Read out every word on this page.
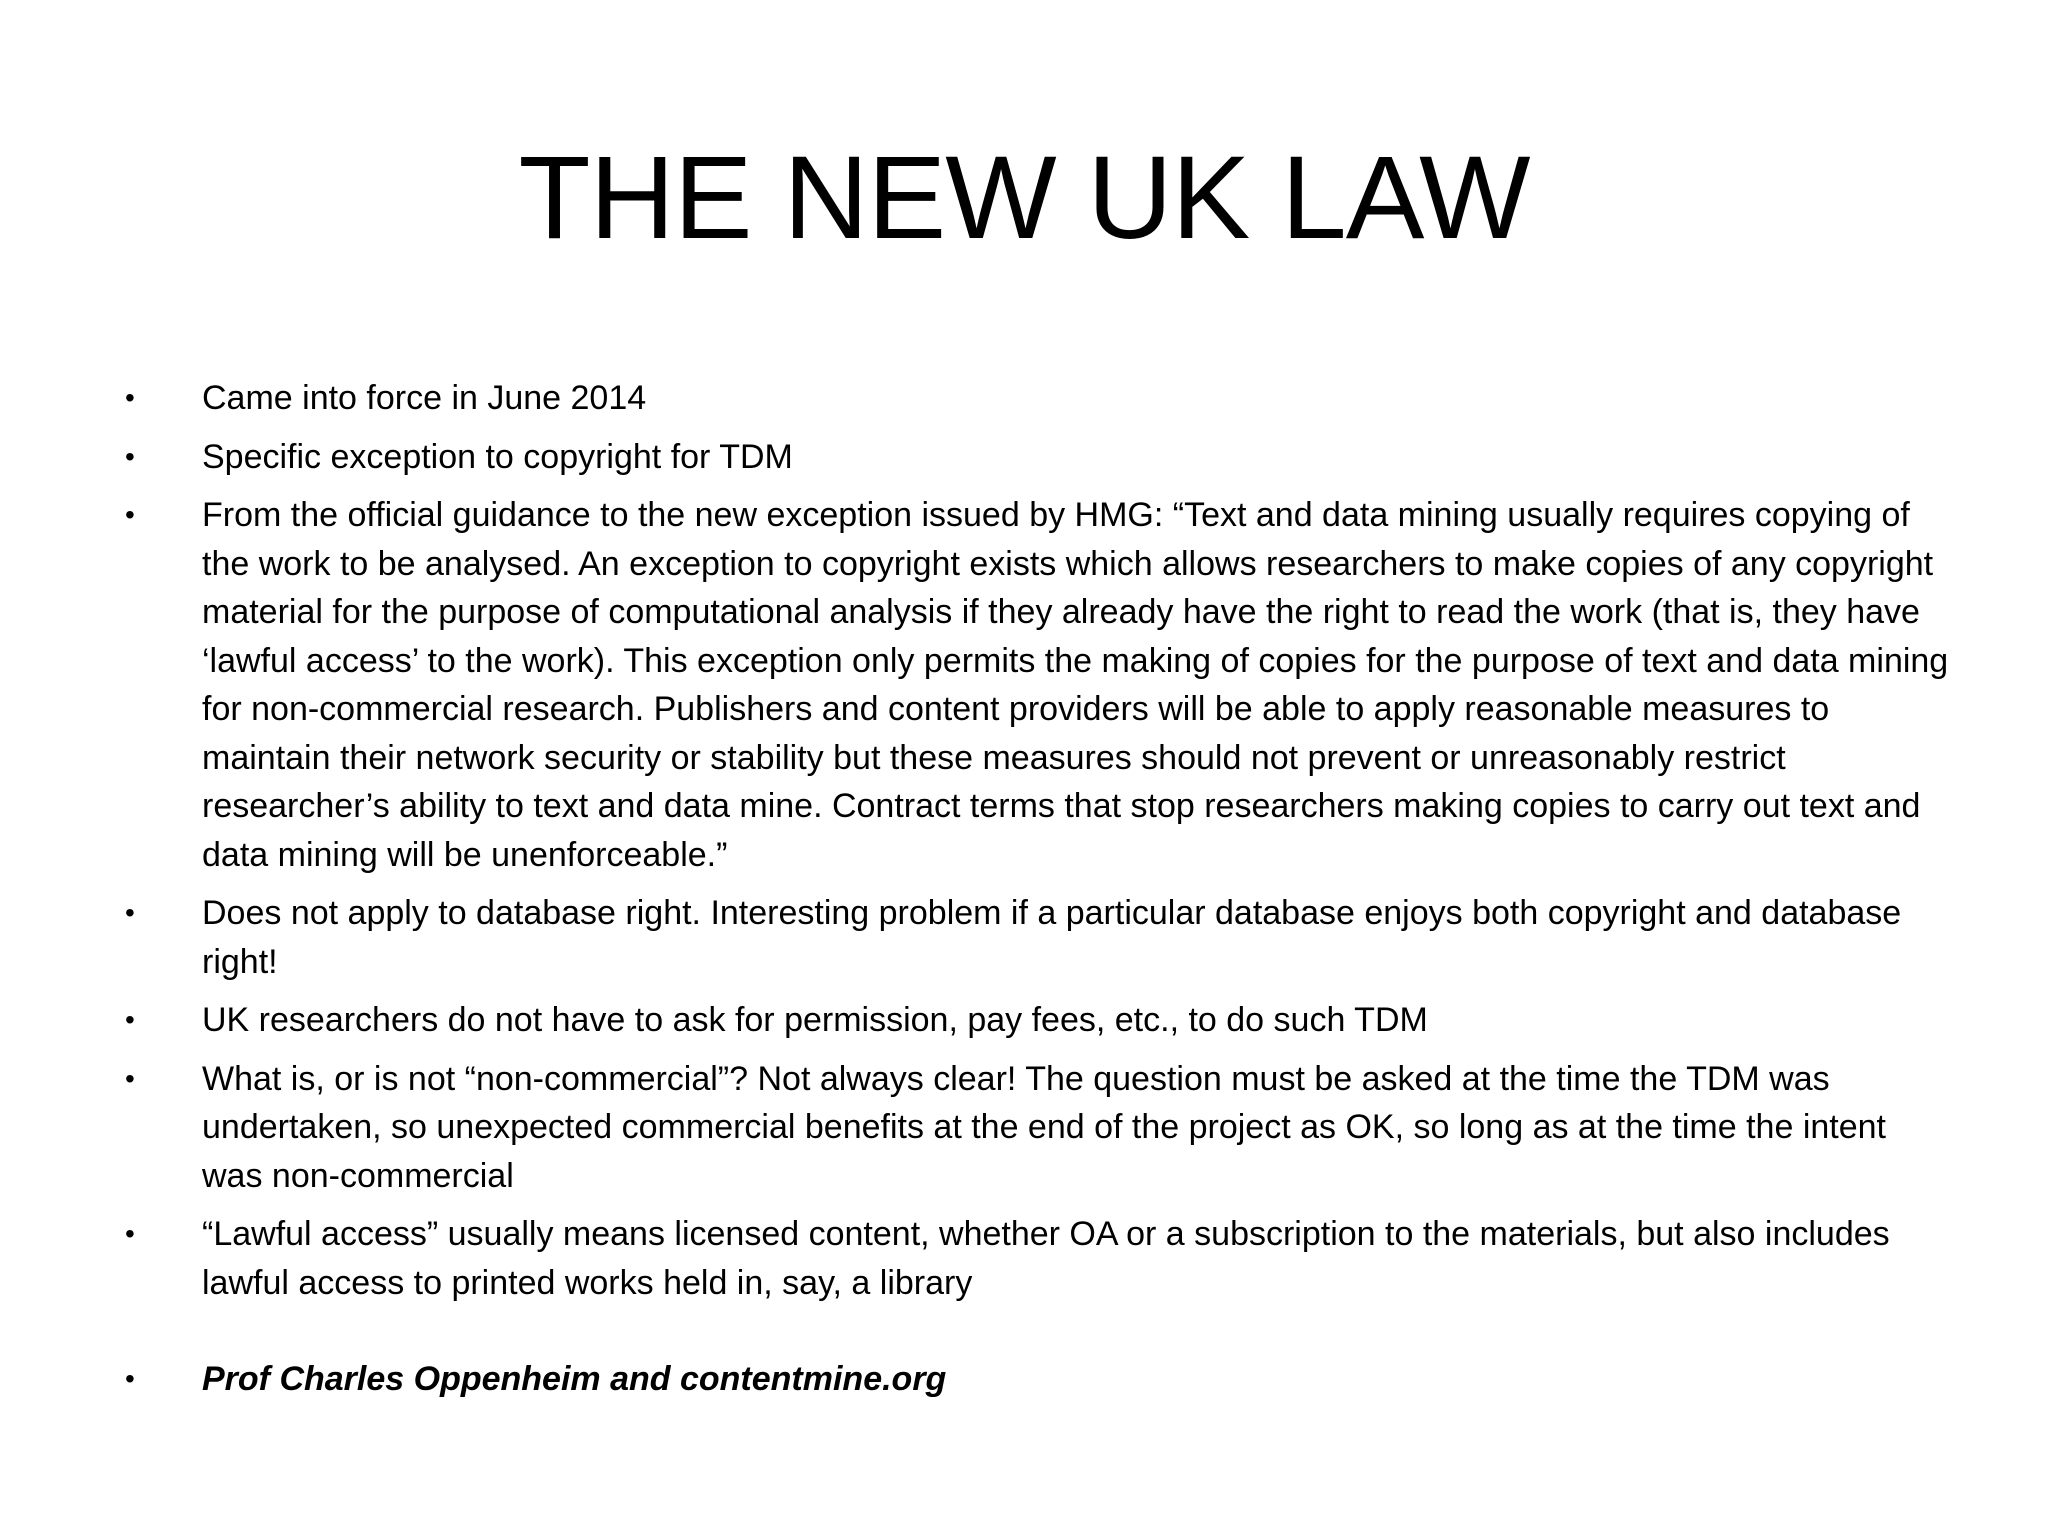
THE NEW UK LAW
• Came into force in June 2014
• Specific exception to copyright for TDM
• From the official guidance to the new exception issued by HMG: “Text and data mining usually requires copying of the work to be analysed. An exception to copyright exists which allows researchers to make copies of any copyright material for the purpose of computational analysis if they already have the right to read the work (that is, they have ‘lawful access’ to the work). This exception only permits the making of copies for the purpose of text and data mining for non-commercial research. Publishers and content providers will be able to apply reasonable measures to maintain their network security or stability but these measures should not prevent or unreasonably restrict researcher’s ability to text and data mine. Contract terms that stop researchers making copies to carry out text and data mining will be unenforceable.”
• Does not apply to database right. Interesting problem if a particular database enjoys both copyright and database right!
• UK researchers do not have to ask for permission, pay fees, etc., to do such TDM
• What is, or is not “non-commercial”? Not always clear! The question must be asked at the time the TDM was undertaken, so unexpected commercial benefits at the end of the project as OK, so long as at the time the intent was non-commercial
• “Lawful access” usually means licensed content, whether OA or a subscription to the materials, but also includes lawful access to printed works held in, say, a library
• Prof Charles Oppenheim and contentmine.org
